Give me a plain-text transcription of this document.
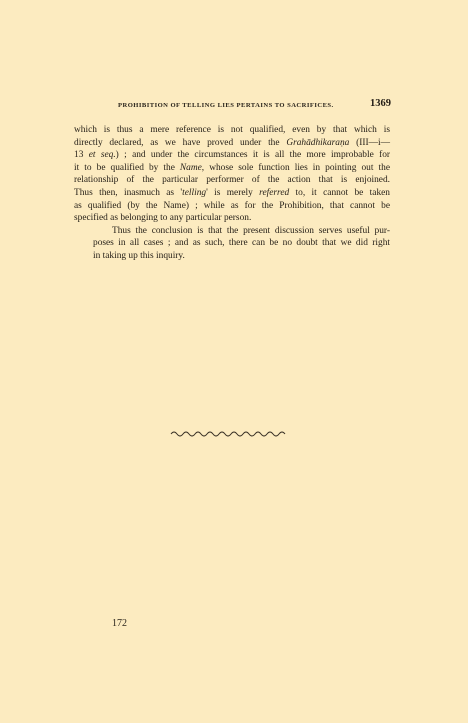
PROHIBITION OF TELLING LIES PERTAINS TO SACRIFICES.	1369

which is thus a mere reference is not qualified, even by that which is
directly declared, as we have proved under the Grahādhikaraṇa (III—i—
13 et seq.) ; and under the circumstances it is all the more improbable for
it to be qualified by the Name, whose sole function lies in pointing out the
relationship of the particular performer of the action that is enjoined.
Thus then, inasmuch as 'telling' is merely referred to, it cannot be taken
as qualified (by the Name) ; while as for the Prohibition, that cannot be
specified as belonging to any particular person.

Thus the conclusion is that the present discussion serves useful pur-
poses in all cases ; and as such, there can be no doubt that we did right
in taking up this inquiry.

172
